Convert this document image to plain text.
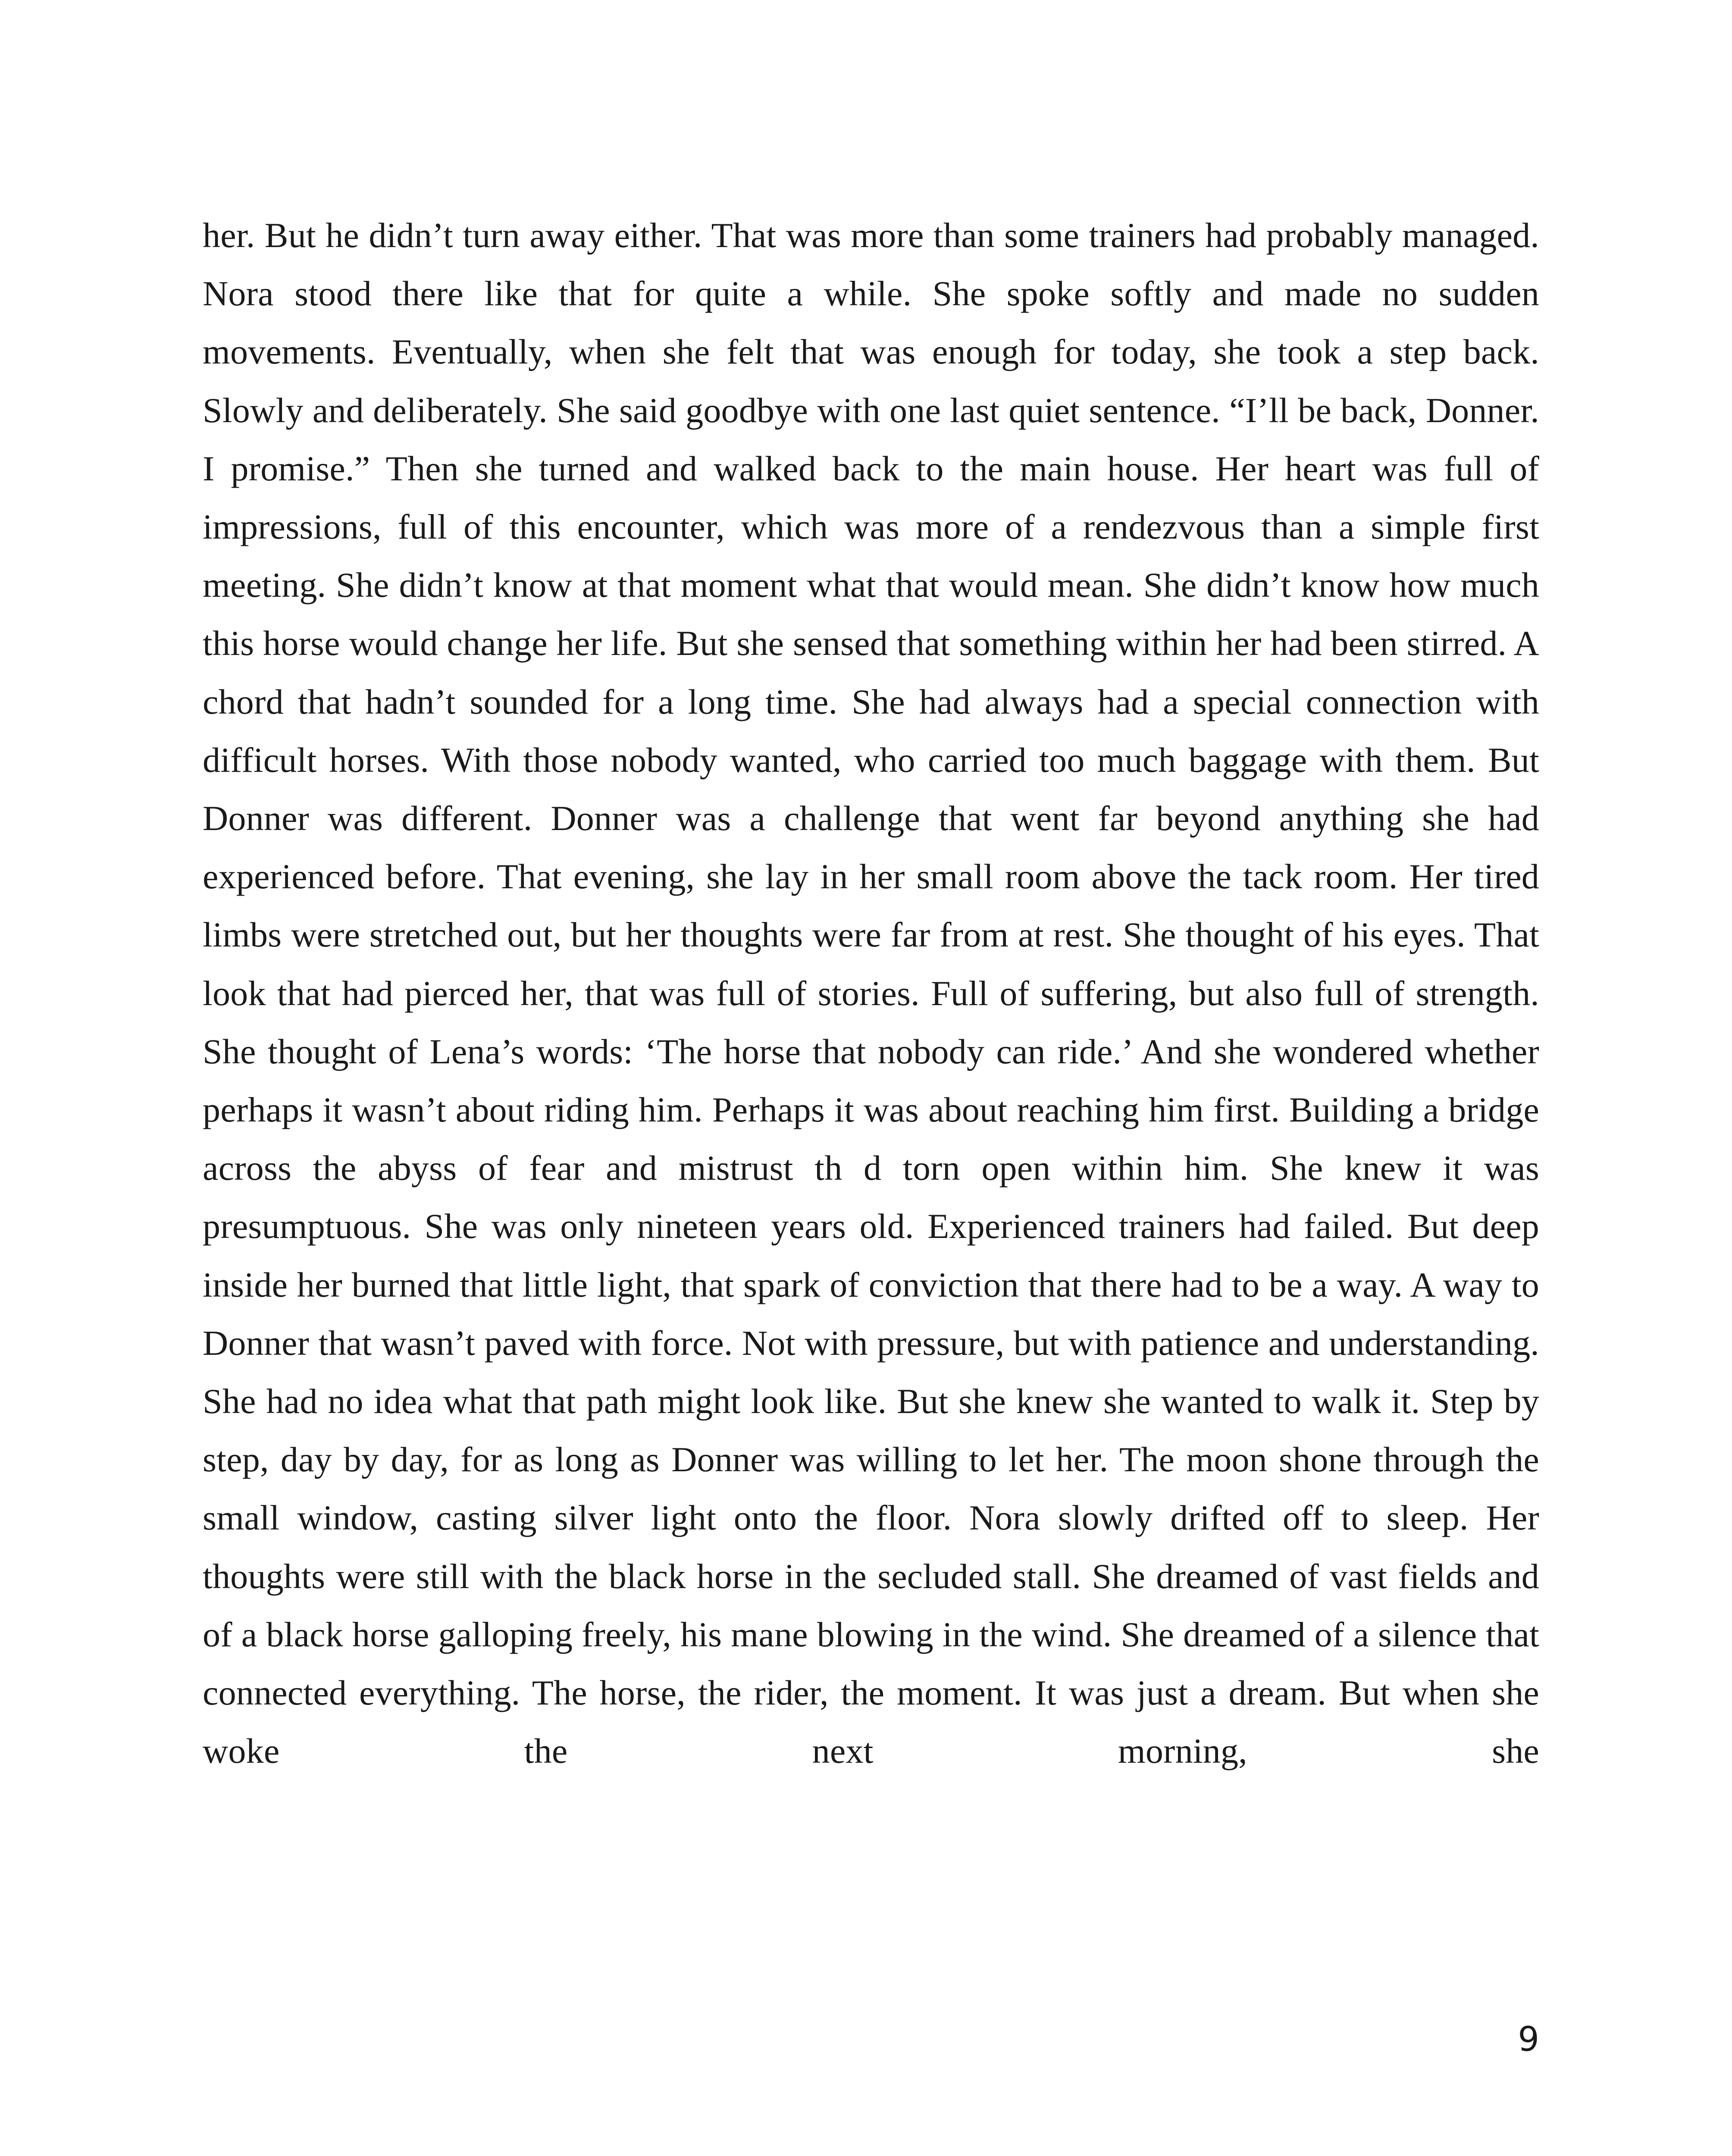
her. But he didn’t turn away either. That was more than some trainers had probably managed. Nora stood there like that for quite a while. She spoke softly and made no sudden movements. Eventually, when she felt that was enough for today, she took a step back. Slowly and deliberately. She said goodbye with one last quiet sentence. “I’ll be back, Donner. I promise.” Then she turned and walked back to the main house. Her heart was full of impressions, full of this encounter, which was more of a rendezvous than a simple first meeting. She didn’t know at that moment what that would mean. She didn’t know how much this horse would change her life. But she sensed that something within her had been stirred. A chord that hadn’t sounded for a long time. She had always had a special connection with difficult horses. With those nobody wanted, who carried too much baggage with them. But Donner was different. Donner was a challenge that went far beyond anything she had experienced before. That evening, she lay in her small room above the tack room. Her tired limbs were stretched out, but her thoughts were far from at rest. She thought of his eyes. That look that had pierced her, that was full of stories. Full of suffering, but also full of strength. She thought of Lena’s words: ‘The horse that nobody can ride.’ And she wondered whether perhaps it wasn’t about riding him. Perhaps it was about reaching him first. Building a bridge across the abyss of fear and mistrust th d torn open within him. She knew it was presumptuous. She was only nineteen years old. Experienced trainers had failed. But deep inside her burned that little light, that spark of conviction that there had to be a way. A way to Donner that wasn’t paved with force. Not with pressure, but with patience and understanding. She had no idea what that path might look like. But she knew she wanted to walk it. Step by step, day by day, for as long as Donner was willing to let her. The moon shone through the small window, casting silver light onto the floor. Nora slowly drifted off to sleep. Her thoughts were still with the black horse in the secluded stall. She dreamed of vast fields and of a black horse galloping freely, his mane blowing in the wind. She dreamed of a silence that connected everything. The horse, the rider, the moment. It was just a dream. But when she woke the next morning, she

9
